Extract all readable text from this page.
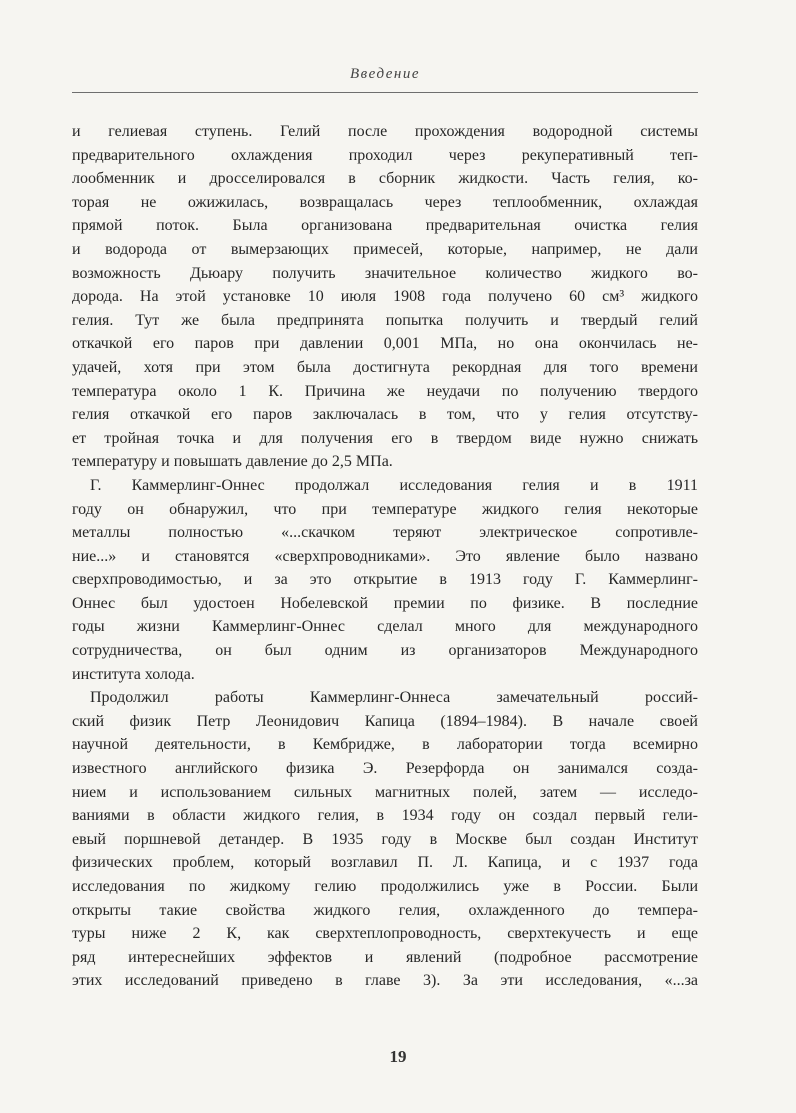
Введение
и гелиевая ступень. Гелий после прохождения водородной системы
предварительного охлаждения проходил через рекуперативный теп-
лообменник и дросселировался в сборник жидкости. Часть гелия, ко-
торая не ожижилась, возвращалась через теплообменник, охлаждая
прямой поток. Была организована предварительная очистка гелия
и водорода от вымерзающих примесей, которые, например, не дали
возможность Дьюару получить значительное количество жидкого во-
дорода. На этой установке 10 июля 1908 года получено 60 см³ жидкого
гелия. Тут же была предпринята попытка получить и твердый гелий
откачкой его паров при давлении 0,001 МПа, но она окончилась не-
удачей, хотя при этом была достигнута рекордная для того времени
температура около 1 К. Причина же неудачи по получению твердого
гелия откачкой его паров заключалась в том, что у гелия отсутству-
ет тройная точка и для получения его в твердом виде нужно снижать
температуру и повышать давление до 2,5 МПа.
Г. Каммерлинг-Оннес продолжал исследования гелия и в 1911
году он обнаружил, что при температуре жидкого гелия некоторые
металлы полностью «...скачком теряют электрическое сопротивле-
ние...» и становятся «сверхпроводниками». Это явление было названо
сверхпроводимостью, и за это открытие в 1913 году Г. Каммерлинг-
Оннес был удостоен Нобелевской премии по физике. В последние
годы жизни Каммерлинг-Оннес сделал много для международного
сотрудничества, он был одним из организаторов Международного
института холода.
Продолжил работы Каммерлинг-Оннеса замечательный россий-
ский физик Петр Леонидович Капица (1894–1984). В начале своей
научной деятельности, в Кембридже, в лаборатории тогда всемирно
известного английского физика Э. Резерфорда он занимался созда-
нием и использованием сильных магнитных полей, затем — исследо-
ваниями в области жидкого гелия, в 1934 году он создал первый гели-
евый поршневой детандер. В 1935 году в Москве был создан Институт
физических проблем, который возглавил П. Л. Капица, и с 1937 года
исследования по жидкому гелию продолжились уже в России. Были
открыты такие свойства жидкого гелия, охлажденного до темпера-
туры ниже 2 К, как сверхтеплопроводность, сверхтекучесть и еще
ряд интереснейших эффектов и явлений (подробное рассмотрение
этих исследований приведено в главе 3). За эти исследования, «...за
19
